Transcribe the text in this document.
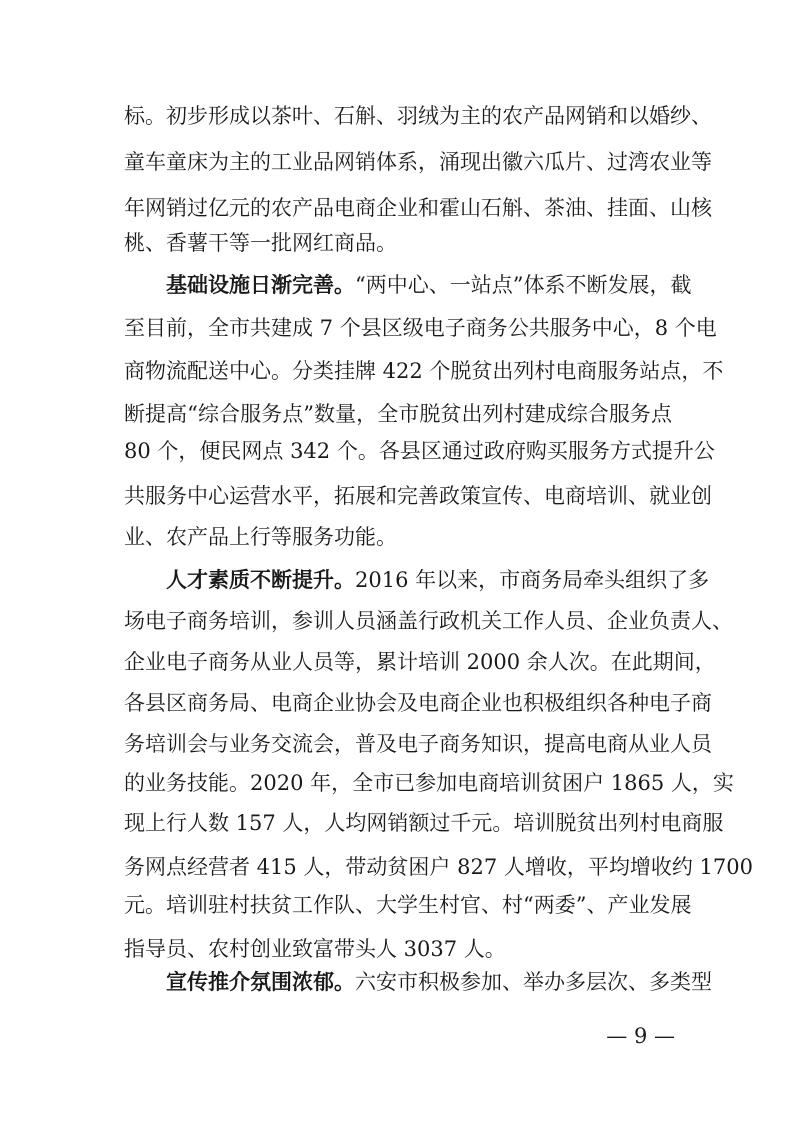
标。初步形成以茶叶、石斛、羽绒为主的农产品网销和以婚纱、
童车童床为主的工业品网销体系，涌现出徽六瓜片、过湾农业等
年网销过亿元的农产品电商企业和霍山石斛、茶油、挂面、山核
桃、香薯干等一批网红商品。
基础设施日渐完善。“两中心、一站点”体系不断发展，截
至目前，全市共建成 7 个县区级电子商务公共服务中心，8 个电
商物流配送中心。分类挂牌 422 个脱贫出列村电商服务站点，不
断提高“综合服务点”数量，全市脱贫出列村建成综合服务点
80 个，便民网点 342 个。各县区通过政府购买服务方式提升公
共服务中心运营水平，拓展和完善政策宣传、电商培训、就业创
业、农产品上行等服务功能。
人才素质不断提升。2016 年以来，市商务局牵头组织了多
场电子商务培训，参训人员涵盖行政机关工作人员、企业负责人、
企业电子商务从业人员等，累计培训 2000 余人次。在此期间，
各县区商务局、电商企业协会及电商企业也积极组织各种电子商
务培训会与业务交流会，普及电子商务知识，提高电商从业人员
的业务技能。2020 年，全市已参加电商培训贫困户 1865 人，实
现上行人数 157 人，人均网销额过千元。培训脱贫出列村电商服
务网点经营者 415 人，带动贫困户 827 人增收，平均增收约 1700
元。培训驻村扶贫工作队、大学生村官、村“两委”、产业发展
指导员、农村创业致富带头人 3037 人。
宣传推介氛围浓郁。六安市积极参加、举办多层次、多类型
— 9 —
